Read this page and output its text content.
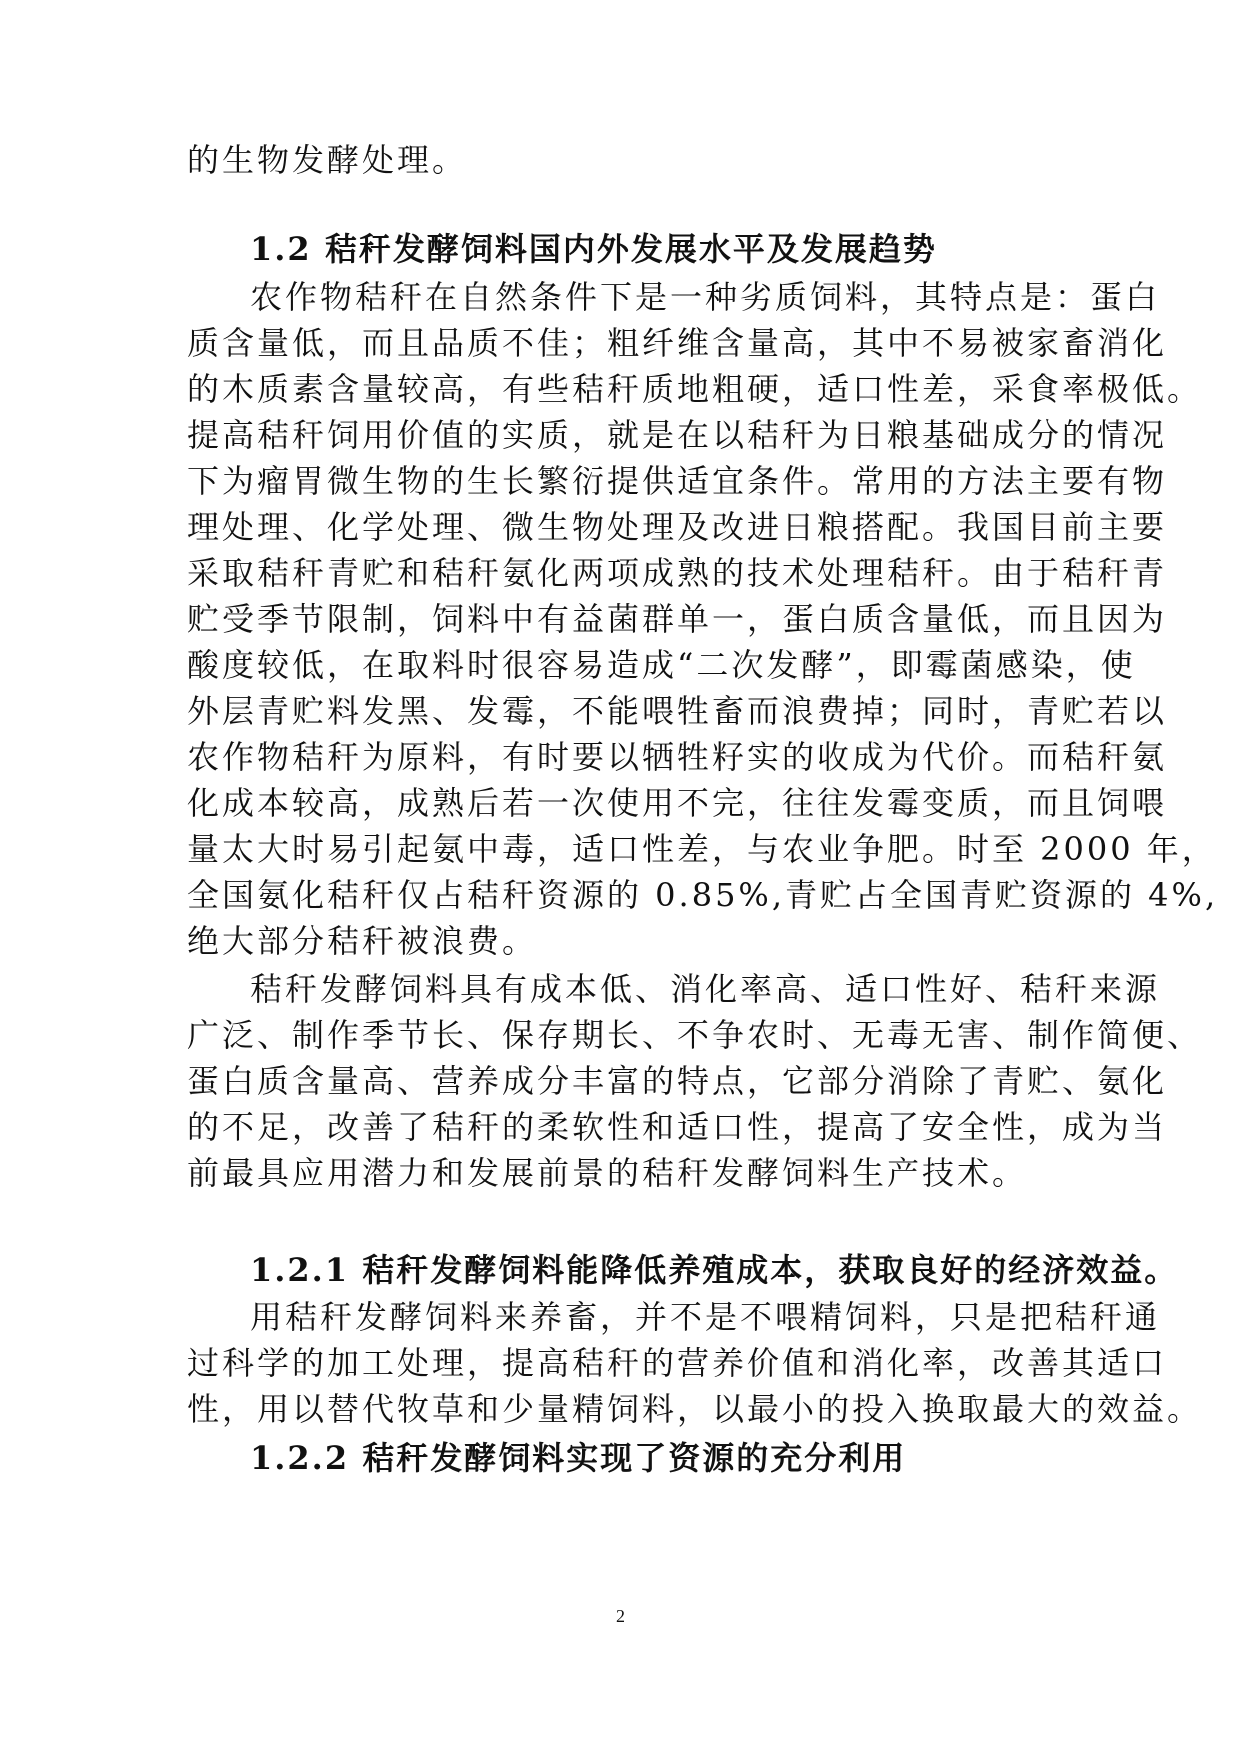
的生物发酵处理。
1.2 秸秆发酵饲料国内外发展水平及发展趋势
农作物秸秆在自然条件下是一种劣质饲料，其特点是：蛋白
质含量低，而且品质不佳；粗纤维含量高，其中不易被家畜消化
的木质素含量较高，有些秸秆质地粗硬，适口性差，采食率极低。
提高秸秆饲用价值的实质，就是在以秸秆为日粮基础成分的情况
下为瘤胃微生物的生长繁衍提供适宜条件。常用的方法主要有物
理处理、化学处理、微生物处理及改进日粮搭配。我国目前主要
采取秸秆青贮和秸秆氨化两项成熟的技术处理秸秆。由于秸秆青
贮受季节限制，饲料中有益菌群单一，蛋白质含量低，而且因为
酸度较低，在取料时很容易造成“二次发酵”，即霉菌感染，使
外层青贮料发黑、发霉，不能喂牲畜而浪费掉；同时，青贮若以
农作物秸秆为原料，有时要以牺牲籽实的收成为代价。而秸秆氨
化成本较高，成熟后若一次使用不完，往往发霉变质，而且饲喂
量太大时易引起氨中毒，适口性差，与农业争肥。时至 2000 年，
全国氨化秸秆仅占秸秆资源的 0.85%,青贮占全国青贮资源的 4%,
绝大部分秸秆被浪费。
秸秆发酵饲料具有成本低、消化率高、适口性好、秸秆来源
广泛、制作季节长、保存期长、不争农时、无毒无害、制作简便、
蛋白质含量高、营养成分丰富的特点，它部分消除了青贮、氨化
的不足，改善了秸秆的柔软性和适口性，提高了安全性，成为当
前最具应用潜力和发展前景的秸秆发酵饲料生产技术。
1.2.1 秸秆发酵饲料能降低养殖成本，获取良好的经济效益。
用秸秆发酵饲料来养畜，并不是不喂精饲料，只是把秸秆通
过科学的加工处理，提高秸秆的营养价值和消化率，改善其适口
性，用以替代牧草和少量精饲料，以最小的投入换取最大的效益。
1.2.2 秸秆发酵饲料实现了资源的充分利用
2
